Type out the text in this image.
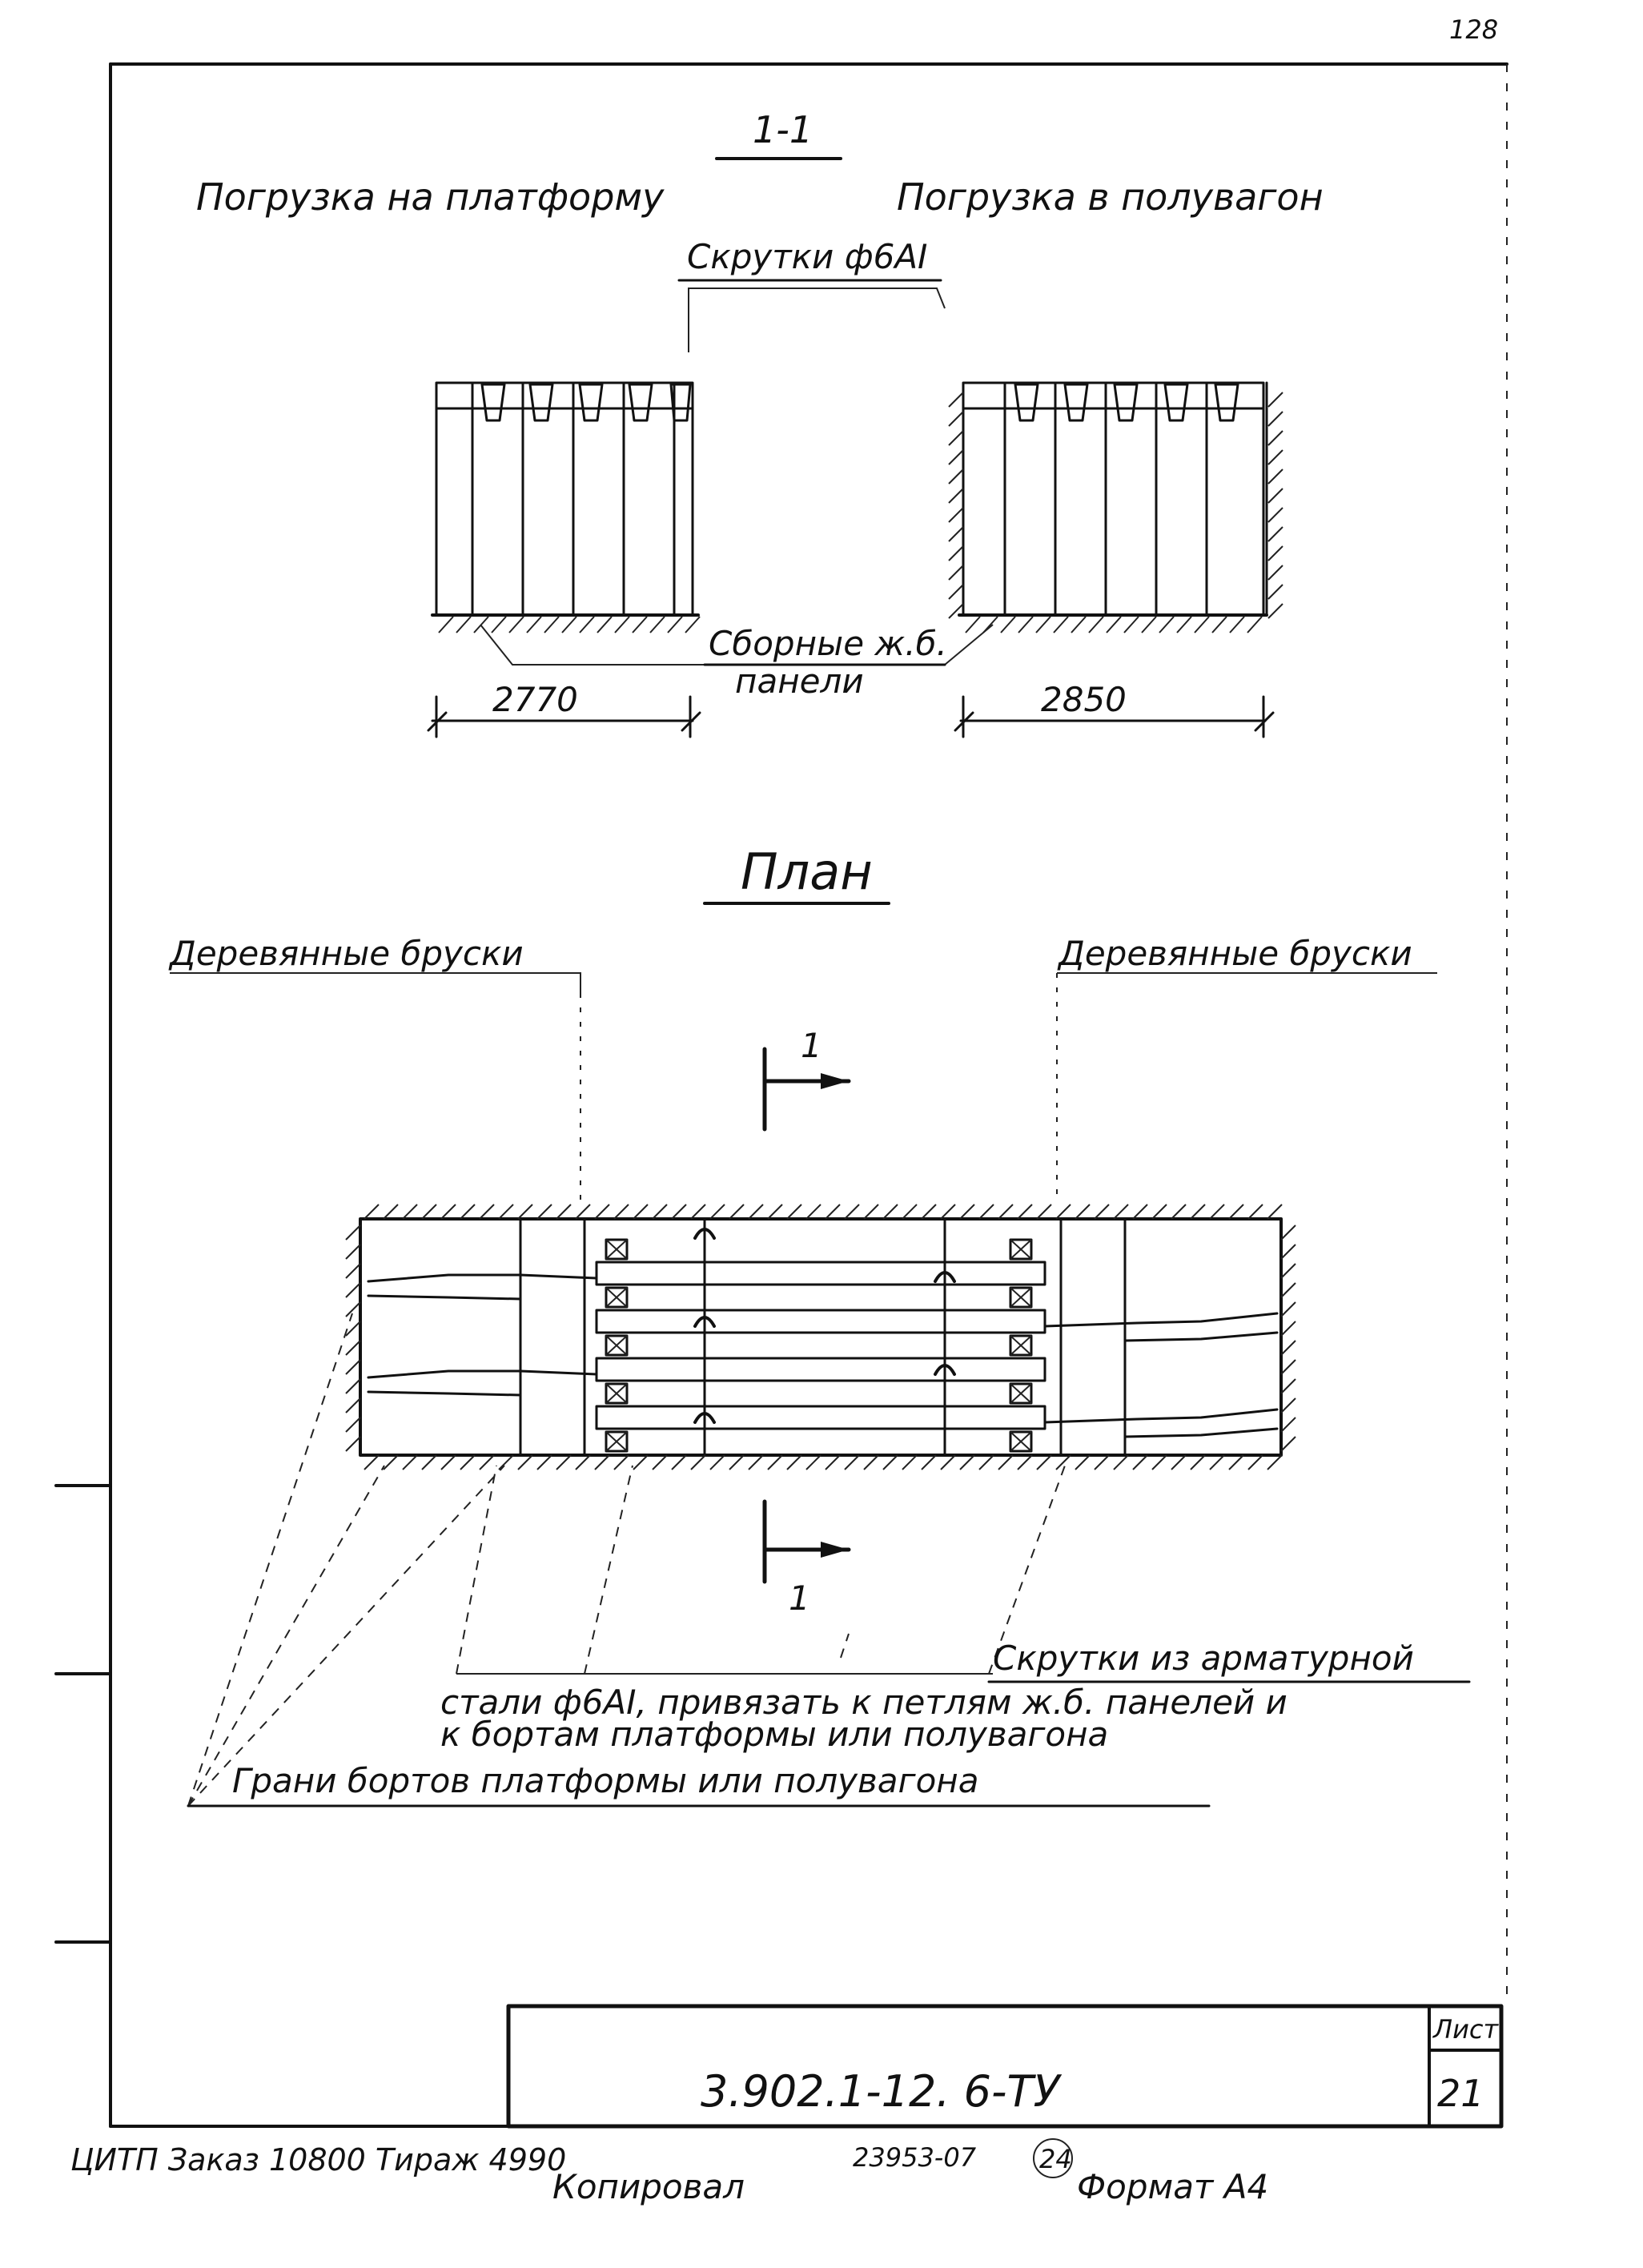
128
1-1
Погрузка на платформу	Погрузка в полувагон
Скрутки ф6АI
Сборные ж.б.
панели
2770	2850
План
Деревянные бруски	Деревянные бруски
1
1
Скрутки из арматурной
стали ф6АI, привязать к петлям ж.б. панелей и
к бортам платформы или полувагона
Грани бортов платформы или полувагона
3.902.1-12. 6-ТУ
Лист
21
ЦИТП Заказ 10800 Тираж 4990
Копировал
23953-07 24
Формат А4
